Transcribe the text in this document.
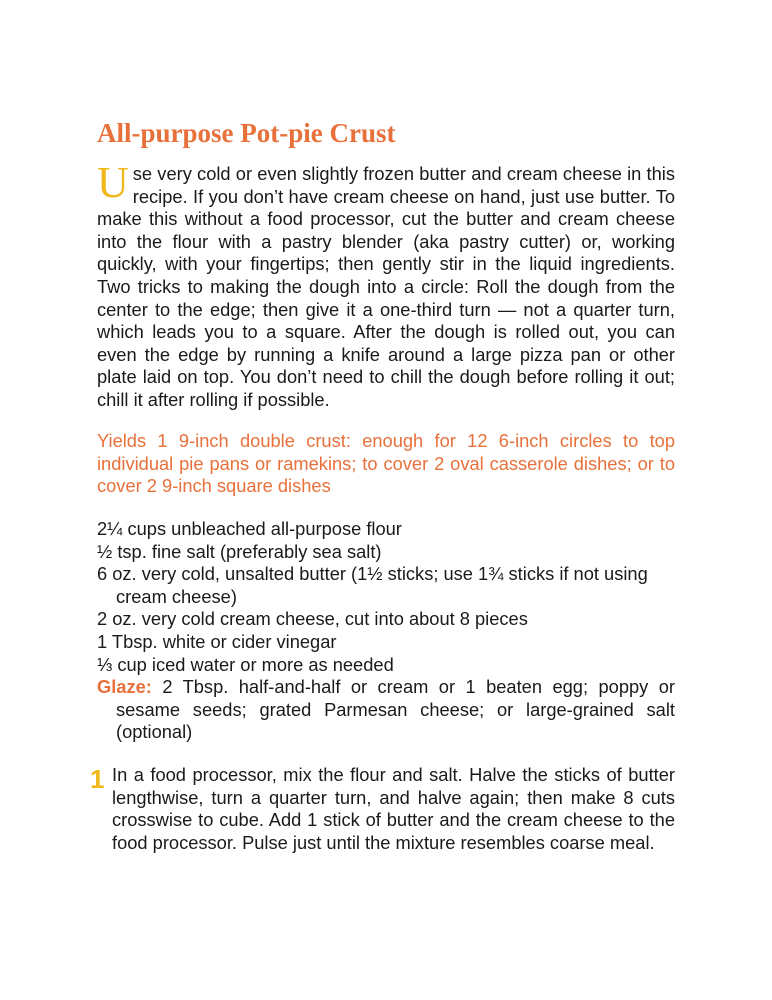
All-purpose Pot-pie Crust

Use very cold or even slightly frozen butter and cream cheese in this recipe. If you don’t have cream cheese on hand, just use butter. To make this without a food processor, cut the butter and cream cheese into the flour with a pastry blender (aka pastry cutter) or, working quickly, with your fingertips; then gently stir in the liquid ingredients. Two tricks to making the dough into a circle: Roll the dough from the center to the edge; then give it a one-third turn — not a quarter turn, which leads you to a square. After the dough is rolled out, you can even the edge by running a knife around a large pizza pan or other plate laid on top. You don’t need to chill the dough before rolling it out; chill it after rolling if possible.

Yields 1 9-inch double crust: enough for 12 6-inch circles to top individual pie pans or ramekins; to cover 2 oval casserole dishes; or to cover 2 9-inch square dishes

2¼ cups unbleached all-purpose flour
½ tsp. fine salt (preferably sea salt)
6 oz. very cold, unsalted butter (1½ sticks; use 1¾ sticks if not using cream cheese)
2 oz. very cold cream cheese, cut into about 8 pieces
1 Tbsp. white or cider vinegar
⅓ cup iced water or more as needed
Glaze: 2 Tbsp. half-and-half or cream or 1 beaten egg; poppy or sesame seeds; grated Parmesan cheese; or large-grained salt (optional)
1 In a food processor, mix the flour and salt. Halve the sticks of butter lengthwise, turn a quarter turn, and halve again; then make 8 cuts crosswise to cube. Add 1 stick of butter and the cream cheese to the food processor. Pulse just until the mixture resembles coarse meal.
